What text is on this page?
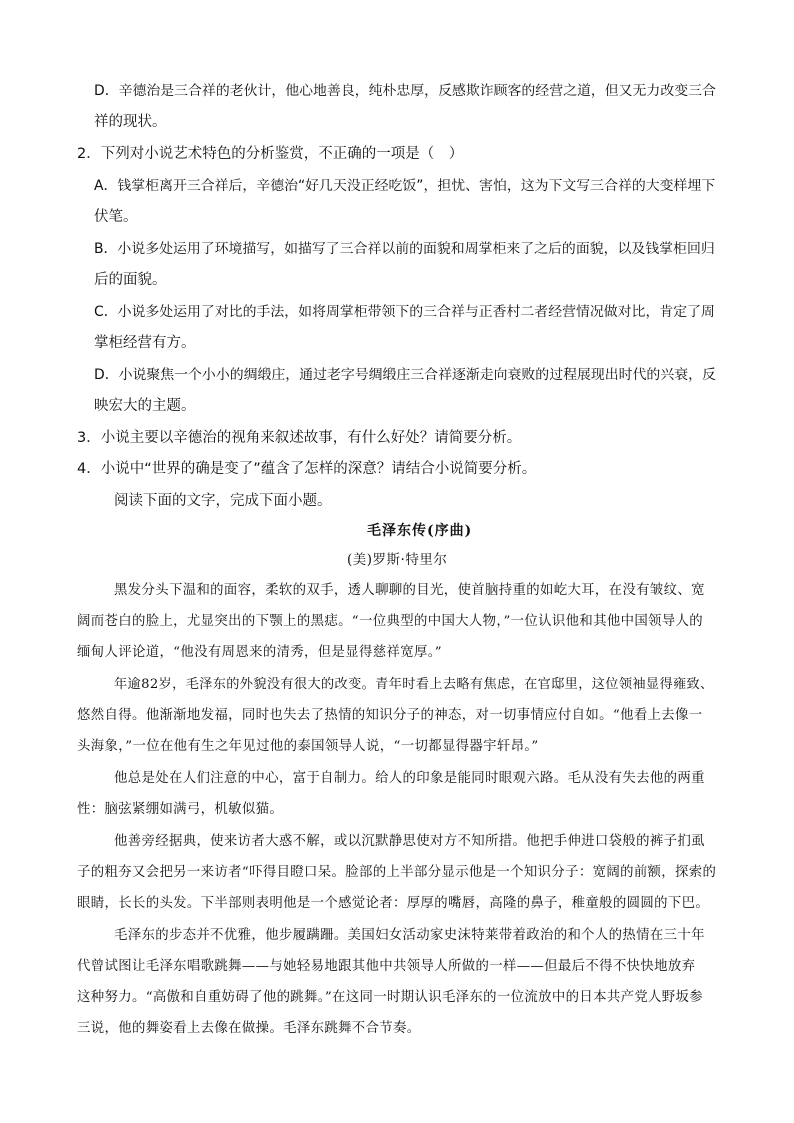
D．辛德治是三合祥的老伙计，他心地善良，纯朴忠厚，反感欺诈顾客的经营之道，但又无力改变三合
祥的现状。
2．下列对小说艺术特色的分析鉴赏，不正确的一项是（　）
A．钱掌柜离开三合祥后，辛德治“好几天没正经吃饭”，担忧、害怕，这为下文写三合祥的大变样埋下
伏笔。
B．小说多处运用了环境描写，如描写了三合祥以前的面貌和周掌柜来了之后的面貌，以及钱掌柜回归
后的面貌。
C．小说多处运用了对比的手法，如将周掌柜带领下的三合祥与正香村二者经营情况做对比，肯定了周
掌柜经营有方。
D．小说聚焦一个小小的绸缎庄，通过老字号绸缎庄三合祥逐渐走向衰败的过程展现出时代的兴衰，反
映宏大的主题。
3．小说主要以辛德治的视角来叙述故事，有什么好处？请简要分析。
4．小说中“世界的确是变了”蕴含了怎样的深意？请结合小说简要分析。
阅读下面的文字，完成下面小题。
毛泽东传(序曲)
(美)罗斯·特里尔
黑发分头下温和的面容，柔软的双手，透人聊聊的目光，使首脑持重的如屹大耳，在没有皱纹、宽
阔而苍白的脸上，尤显突出的下颚上的黑痣。“一位典型的中国大人物，”一位认识他和其他中国领导人的
缅甸人评论道，“他没有周恩来的清秀，但是显得慈祥宽厚。”
年逾82岁，毛泽东的外貌没有很大的改变。青年时看上去略有焦虑，在官邸里，这位领袖显得雍致、
悠然自得。他渐渐地发福，同时也失去了热情的知识分子的神态，对一切事情应付自如。“他看上去像一
头海象，”一位在他有生之年见过他的泰国领导人说，“一切都显得器宇轩昂。”
他总是处在人们注意的中心，富于自制力。给人的印象是能同时眼观六路。毛从没有失去他的两重
性：脑弦紧绷如满弓，机敏似猫。
他善旁经据典，使来访者大惑不解，或以沉默静思使对方不知所措。他把手伸进口袋般的裤子扪虱
子的粗夯又会把另一来访者“吓得目瞪口呆。脸部的上半部分显示他是一个知识分子：宽阔的前额，探索的
眼睛，长长的头发。下半部则表明他是一个感觉论者：厚厚的嘴唇，高隆的鼻子，稚童般的圆圆的下巴。
毛泽东的步态并不优雅，他步履蹒跚。美国妇女活动家史沫特莱带着政治的和个人的热情在三十年
代曾试图让毛泽东唱歌跳舞——与她轻易地跟其他中共领导人所做的一样——但最后不得不快快地放弃
这种努力。“高傲和自重妨碍了他的跳舞。”在这同一时期认识毛泽东的一位流放中的日本共产党人野坂参
三说，他的舞姿看上去像在做操。毛泽东跳舞不合节奏。
